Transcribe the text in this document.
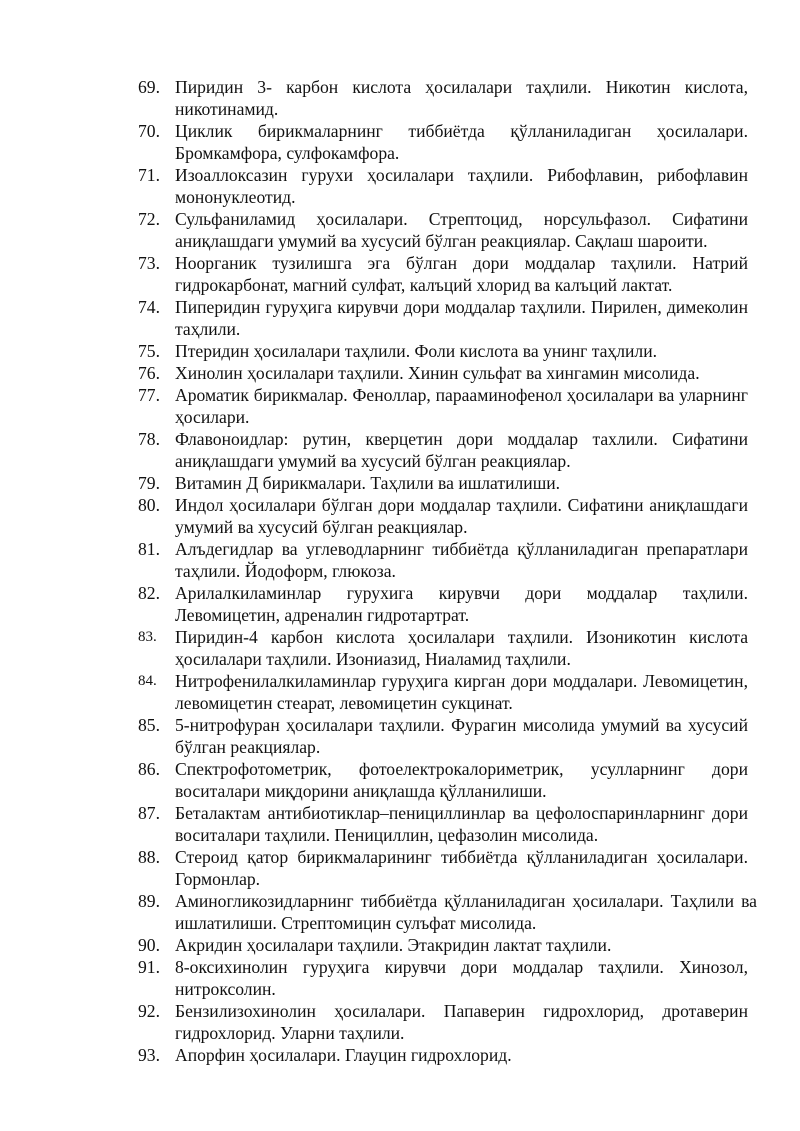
69. Пиридин 3- карбон кислота ҳосилалари таҳлили. Никотин кислота, никотинамид.
70. Циклик бирикмаларнинг тиббиётда қўлланиладиган ҳосилалари. Бромкамфора, сулфокамфора.
71. Изоаллоксазин гурухи ҳосилалари таҳлили. Рибофлавин, рибофлавин мононуклеотид.
72. Сульфаниламид ҳосилалари. Стрептоцид, норсульфазол. Сифатини аниқлашдаги умумий ва хусусий бўлган реакциялар. Сақлаш шароити.
73. Ноорганик тузилишга эга бўлган дори моддалар таҳлили. Натрий гидрокарбонат, магний сулфат, калъций хлорид ва калъций лактат.
74. Пиперидин гуруҳига кирувчи дори моддалар таҳлили. Пирилен, димеколин таҳлили.
75. Птеридин ҳосилалари таҳлили. Фоли кислота ва унинг таҳлили.
76. Хинолин ҳосилалари таҳлили. Хинин сульфат ва хингамин мисолида.
77. Ароматик бирикмалар. Феноллар, парааминофенол ҳосилалари ва уларнинг ҳосилари.
78. Флавоноидлар: рутин, кверцетин дори моддалар тахлили. Сифатини аниқлашдаги умумий ва хусусий бўлган реакциялар.
79. Витамин Д бирикмалари. Таҳлили ва ишлатилиши.
80. Индол ҳосилалари бўлган дори моддалар таҳлили. Сифатини аниқлашдаги умумий ва хусусий бўлган реакциялар.
81. Алъдегидлар ва углеводларнинг тиббиётда қўлланиладиган препаратлари таҳлили. Йодоформ, глюкоза.
82. Арилалкиламинлар гурухига кирувчи дори моддалар таҳлили. Левомицетин, адреналин гидротартрат.
83.	Пиридин-4 карбон кислота ҳосилалари таҳлили. Изоникотин кислота ҳосилалари таҳлили. Изониазид, Ниаламид таҳлили.
84.	Нитрофенилалкиламинлар гуруҳига кирган дори моддалари. Левомицетин, левомицетин стеарат, левомицетин сукцинат.
85. 5-нитрофуран ҳосилалари таҳлили. Фурагин мисолида умумий ва хусусий бўлган реакциялар.
86. Спектрофотометрик, фотоелектрокалориметрик, усулларнинг дори воситалари миқдорини аниқлашда қўлланилиши.
87. Беталактам антибиотиклар–пенициллинлар ва цефолоспаринларнинг дори воситалари таҳлили. Пенициллин, цефазолин мисолида.
88. Стероид қатор бирикмаларининг тиббиётда қўлланиладиган ҳосилалари. Гормонлар.
89. Аминогликозидларнинг тиббиётда қўлланиладиган ҳосилалари. Таҳлили ва ишлатилиши. Стрептомицин сулъфат мисолида.
90. Акридин ҳосилалари таҳлили. Этакридин лактат таҳлили.
91. 8-оксихинолин гуруҳига кирувчи дори моддалар таҳлили. Хинозол, нитроксолин.
92. Бензилизохинолин ҳосилалари. Папаверин гидрохлорид, дротаверин гидрохлорид. Уларни таҳлили.
93. Апорфин ҳосилалари. Глауцин гидрохлорид.
